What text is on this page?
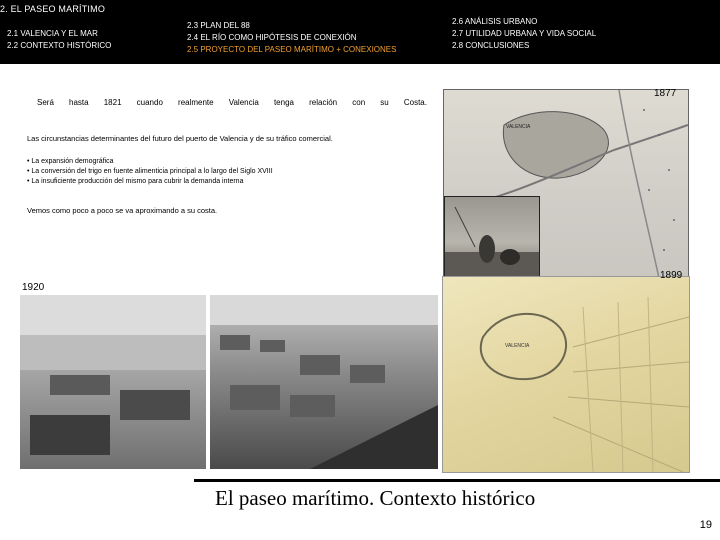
2. EL PASEO MARÍTIMO
2.1 VALENCIA Y EL MAR
2.2 CONTEXTO HISTÓRICO
2.3 PLAN DEL 88
2.4 EL RÍO COMO HIPÓTESIS DE CONEXIÓN
2.5 PROYECTO DEL PASEO MARÍTIMO + CONEXIONES
2.6 ANÁLISIS URBANO
2.7 UTILIDAD URBANA Y VIDA SOCIAL
2.8 CONCLUSIONES
Será hasta 1821 cuando realmente Valencia tenga relación con su Costa.
Las circunstancias determinantes del futuro del puerto de Valencia y de su tráfico comercial.
• La expansión demográfica
• La conversión del trigo en fuente alimenticia principal a lo largo del Siglo XVIII
• La insuficiente producción del mismo para cubrir la demanda interna
Vemos como poco a poco se va aproximando a su costa.
VALENCIA
1877
VALENCIA
1899
1920
El paseo marítimo. Contexto histórico
19
